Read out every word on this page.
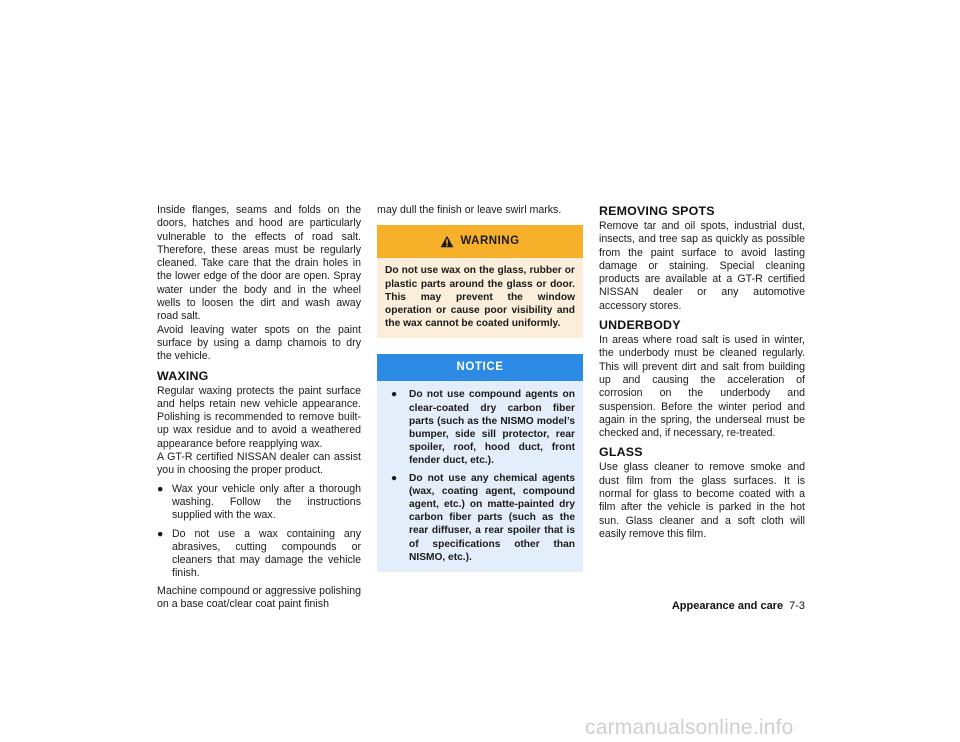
Inside flanges, seams and folds on the doors, hatches and hood are particularly vulnerable to the effects of road salt. Therefore, these areas must be regularly cleaned. Take care that the drain holes in the lower edge of the door are open. Spray water under the body and in the wheel wells to loosen the dirt and wash away road salt.

Avoid leaving water spots on the paint surface by using a damp chamois to dry the vehicle.

WAXING

Regular waxing protects the paint surface and helps retain new vehicle appearance. Polishing is recommended to remove built-up wax residue and to avoid a weathered appearance before reapplying wax.

A GT-R certified NISSAN dealer can assist you in choosing the proper product.

● Wax your vehicle only after a thorough washing. Follow the instructions supplied with the wax.
● Do not use a wax containing any abrasives, cutting compounds or cleaners that may damage the vehicle finish.

Machine compound or aggressive polishing on a base coat/clear coat paint finish

may dull the finish or leave swirl marks.

WARNING
Do not use wax on the glass, rubber or plastic parts around the glass or door. This may prevent the window operation or cause poor visibility and the wax cannot be coated uniformly.
NOTICE
● Do not use compound agents on clear-coated dry carbon fiber parts (such as the NISMO model’s bumper, side sill protector, rear spoiler, roof, hood duct, front fender duct, etc.).
● Do not use any chemical agents (wax, coating agent, compound agent, etc.) on matte-painted dry carbon fiber parts (such as the rear diffuser, a rear spoiler that is of specifications other than NISMO, etc.).
REMOVING SPOTS

Remove tar and oil spots, industrial dust, insects, and tree sap as quickly as possible from the paint surface to avoid lasting damage or staining. Special cleaning products are available at a GT-R certified NISSAN dealer or any automotive accessory stores.

UNDERBODY

In areas where road salt is used in winter, the underbody must be cleaned regularly. This will prevent dirt and salt from building up and causing the acceleration of corrosion on the underbody and suspension. Before the winter period and again in the spring, the underseal must be checked and, if necessary, re-treated.

GLASS

Use glass cleaner to remove smoke and dust film from the glass surfaces. It is normal for glass to become coated with a film after the vehicle is parked in the hot sun. Glass cleaner and a soft cloth will easily remove this film.

Appearance and care 7-3
carmanualsonline.info
